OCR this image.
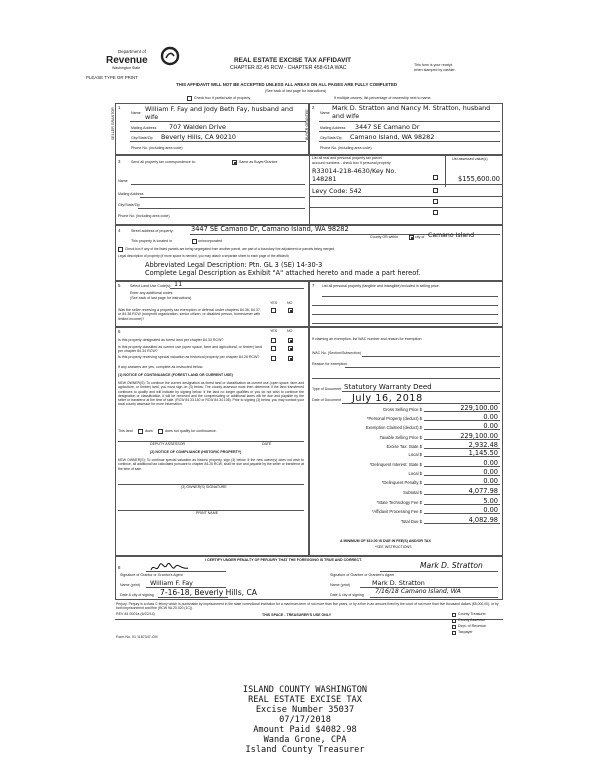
Department of
Revenue
Washington State
PLEASE TYPE OR PRINT
REAL ESTATE EXCISE TAX AFFIDAVIT
CHAPTER 82.45 RCW - CHAPTER 458-61A WAC	This form is your receipt
when stamped by cashier.
THIS AFFIDAVIT WILL NOT BE ACCEPTED UNLESS ALL AREAS ON ALL PAGES ARE FULLY COMPLETED
(See back of last page for instructions)
Check box if partial sale of property	If multiple owners, list percentage of ownership next to name.
1
SELLER GRANTOR	Name William F. Fay and Jody Beth Fay, husband and
wife
Mailing Address 707 Walden Drive
City/State/Zip Beverly Hills, CA 90210
Phone No. (including area code)
2
BUYER GRANTEE	Name
Mark D. Stratton and Nancy M. Stratton, husband
and wife
Mailing Address 3447 SE Camano Dr
City/State/Zip Camano Island, WA 98282
Phone No. (including area code)
3	Send all property tax correspondence to:	Same as Buyer/Grantee
Name
Mailing Address
City/State/Zip
Phone No. (including area code)
List all real and personal property tax parcel
account numbers - check box if personal property
List assessed value(s)
R33014-218-4630/Key No.
148281	$155,600.00
Levy Code: 542
4	Street address of property:	3447 SE Camano Dr, Camano Island, WA 98282
This property is located in	unincorporated
County OR within	city of Camano Island
Check box if any of the listed parcels are being segregated from another parcel, are part of a boundary line adjustment or parcels being merged.
Legal description of property (if more space is needed, you may attach a separate sheet to each page of the affidavit)
Abbreviated Legal Description: Ptn. GL 3 (SE) 14-30-3
Complete Legal Description as Exhibit "A" attached hereto and made a part hereof.
5	Select Land Use Code(s): 11
Enter any additional codes:
(See back of last page for instructions)
YES	NO
Was the seller receiving a property tax exemption or deferral under chapters 84.36, 84.37, or 84.38 RCW (nonprofit organization, senior citizen, or disabled person, homeowner with limited income)?
7 List all personal property (tangible and intangible) included in selling price.
6	YES	NO
Is this property designated as forest land per chapter 84.33 RCW?
Is this property classified as current use (open space, farm and agricultural, or timber) land per chapter 84.34 RCW?
Is this property receiving special valuation as historical property per chapter 84.26 RCW?
If any answers are yes, complete as instructed below.
(1) NOTICE OF CONTINUANCE (FOREST LAND OR CURRENT USE)
NEW OWNER(S): To continue the current designation as forest land or classification as current use (open space, farm and agriculture, or timber) land, you must sign on (3) below. The county assessor must then determine if the land transferred continues to qualify and will indicate by signing below. If the land no longer qualifies or you do not wish to continue the designation or classification, it will be removed and the compensating or additional taxes will be due and payable by the seller or transferor at the time of sale. (RCW 84.33.140 or RCW 84.34.108). Prior to signing (3) below, you may contact your local county assessor for more information.
This land	does	does not qualify for continuance.
DEPUTY ASSESSOR	DATE
(2) NOTICE OF COMPLIANCE (HISTORIC PROPERTY)
NEW OWNER(S): To continue special valuation as historic property, sign (3) below. If the new owner(s) does not wish to continue, all additional tax calculated pursuant to chapter 84.26 RCW, shall be due and payable by the seller or transferor at the time of sale.
(3) OWNER(S) SIGNATURE
PRINT NAME
If claiming an exemption, list WAC number and reason for exemption:
WAC No. (Section/Subsection)
Reason for exemption
Type of Document Statutory Warranty Deed
Date of Document July 16, 2018
Gross Selling Price $	229,100.00
*Personal Property (deduct) $	0.00
Exemption Claimed (deduct) $	0.00
Taxable Selling Price $	229,100.00
Excise Tax: State $	2,932.48
Local $	1,145.50
*Delinquent Interest: State $	0.00
Local $	0.00
*Delinquent Penalty $	0.00
Subtotal $	4,077.98
*State Technology Fee $	5.00
*Affidavit Processing Fee $	0.00
Total Due $	4,082.98
A MINIMUM OF $10.00 IS DUE IN FEE(S) AND/OR TAX
*SEE INSTRUCTIONS
8
I CERTIFY UNDER PENALTY OF PERJURY THAT THE FOREGOING IS TRUE AND CORRECT.
Signature of Grantor or Grantor's Agent
Name (print) William F. Fay
Date & city of signing 7-16-18, Beverly Hills, CA
Signature of Grantee or Grantee's Agent
Mark D. Stratton
Name (print)	Mark D. Stratton
Date & city of signing 7/16/18 Camano Island, WA
Perjury: Perjury is a class C felony which is punishable by imprisonment in the state correctional institution for a maximum term of not more than five years, or by a fine in an amount fixed by the court of not more than five thousand dollars ($5,000.00), or by both imprisonment and fine (RCW 9A.20.020 (1C)).
REV 84 0001a (6/22/14)	THIS SPACE - TREASURER'S USE ONLY	County Treasurer
County Assessor
Dept. of Revenue
Taxpayer
Form No. 01 1187347-CM
ISLAND COUNTY WASHINGTON
REAL ESTATE EXCISE TAX
Excise Number 35037
07/17/2018
Amount Paid $4082.98
Wanda Grone, CPA
Island County Treasurer
